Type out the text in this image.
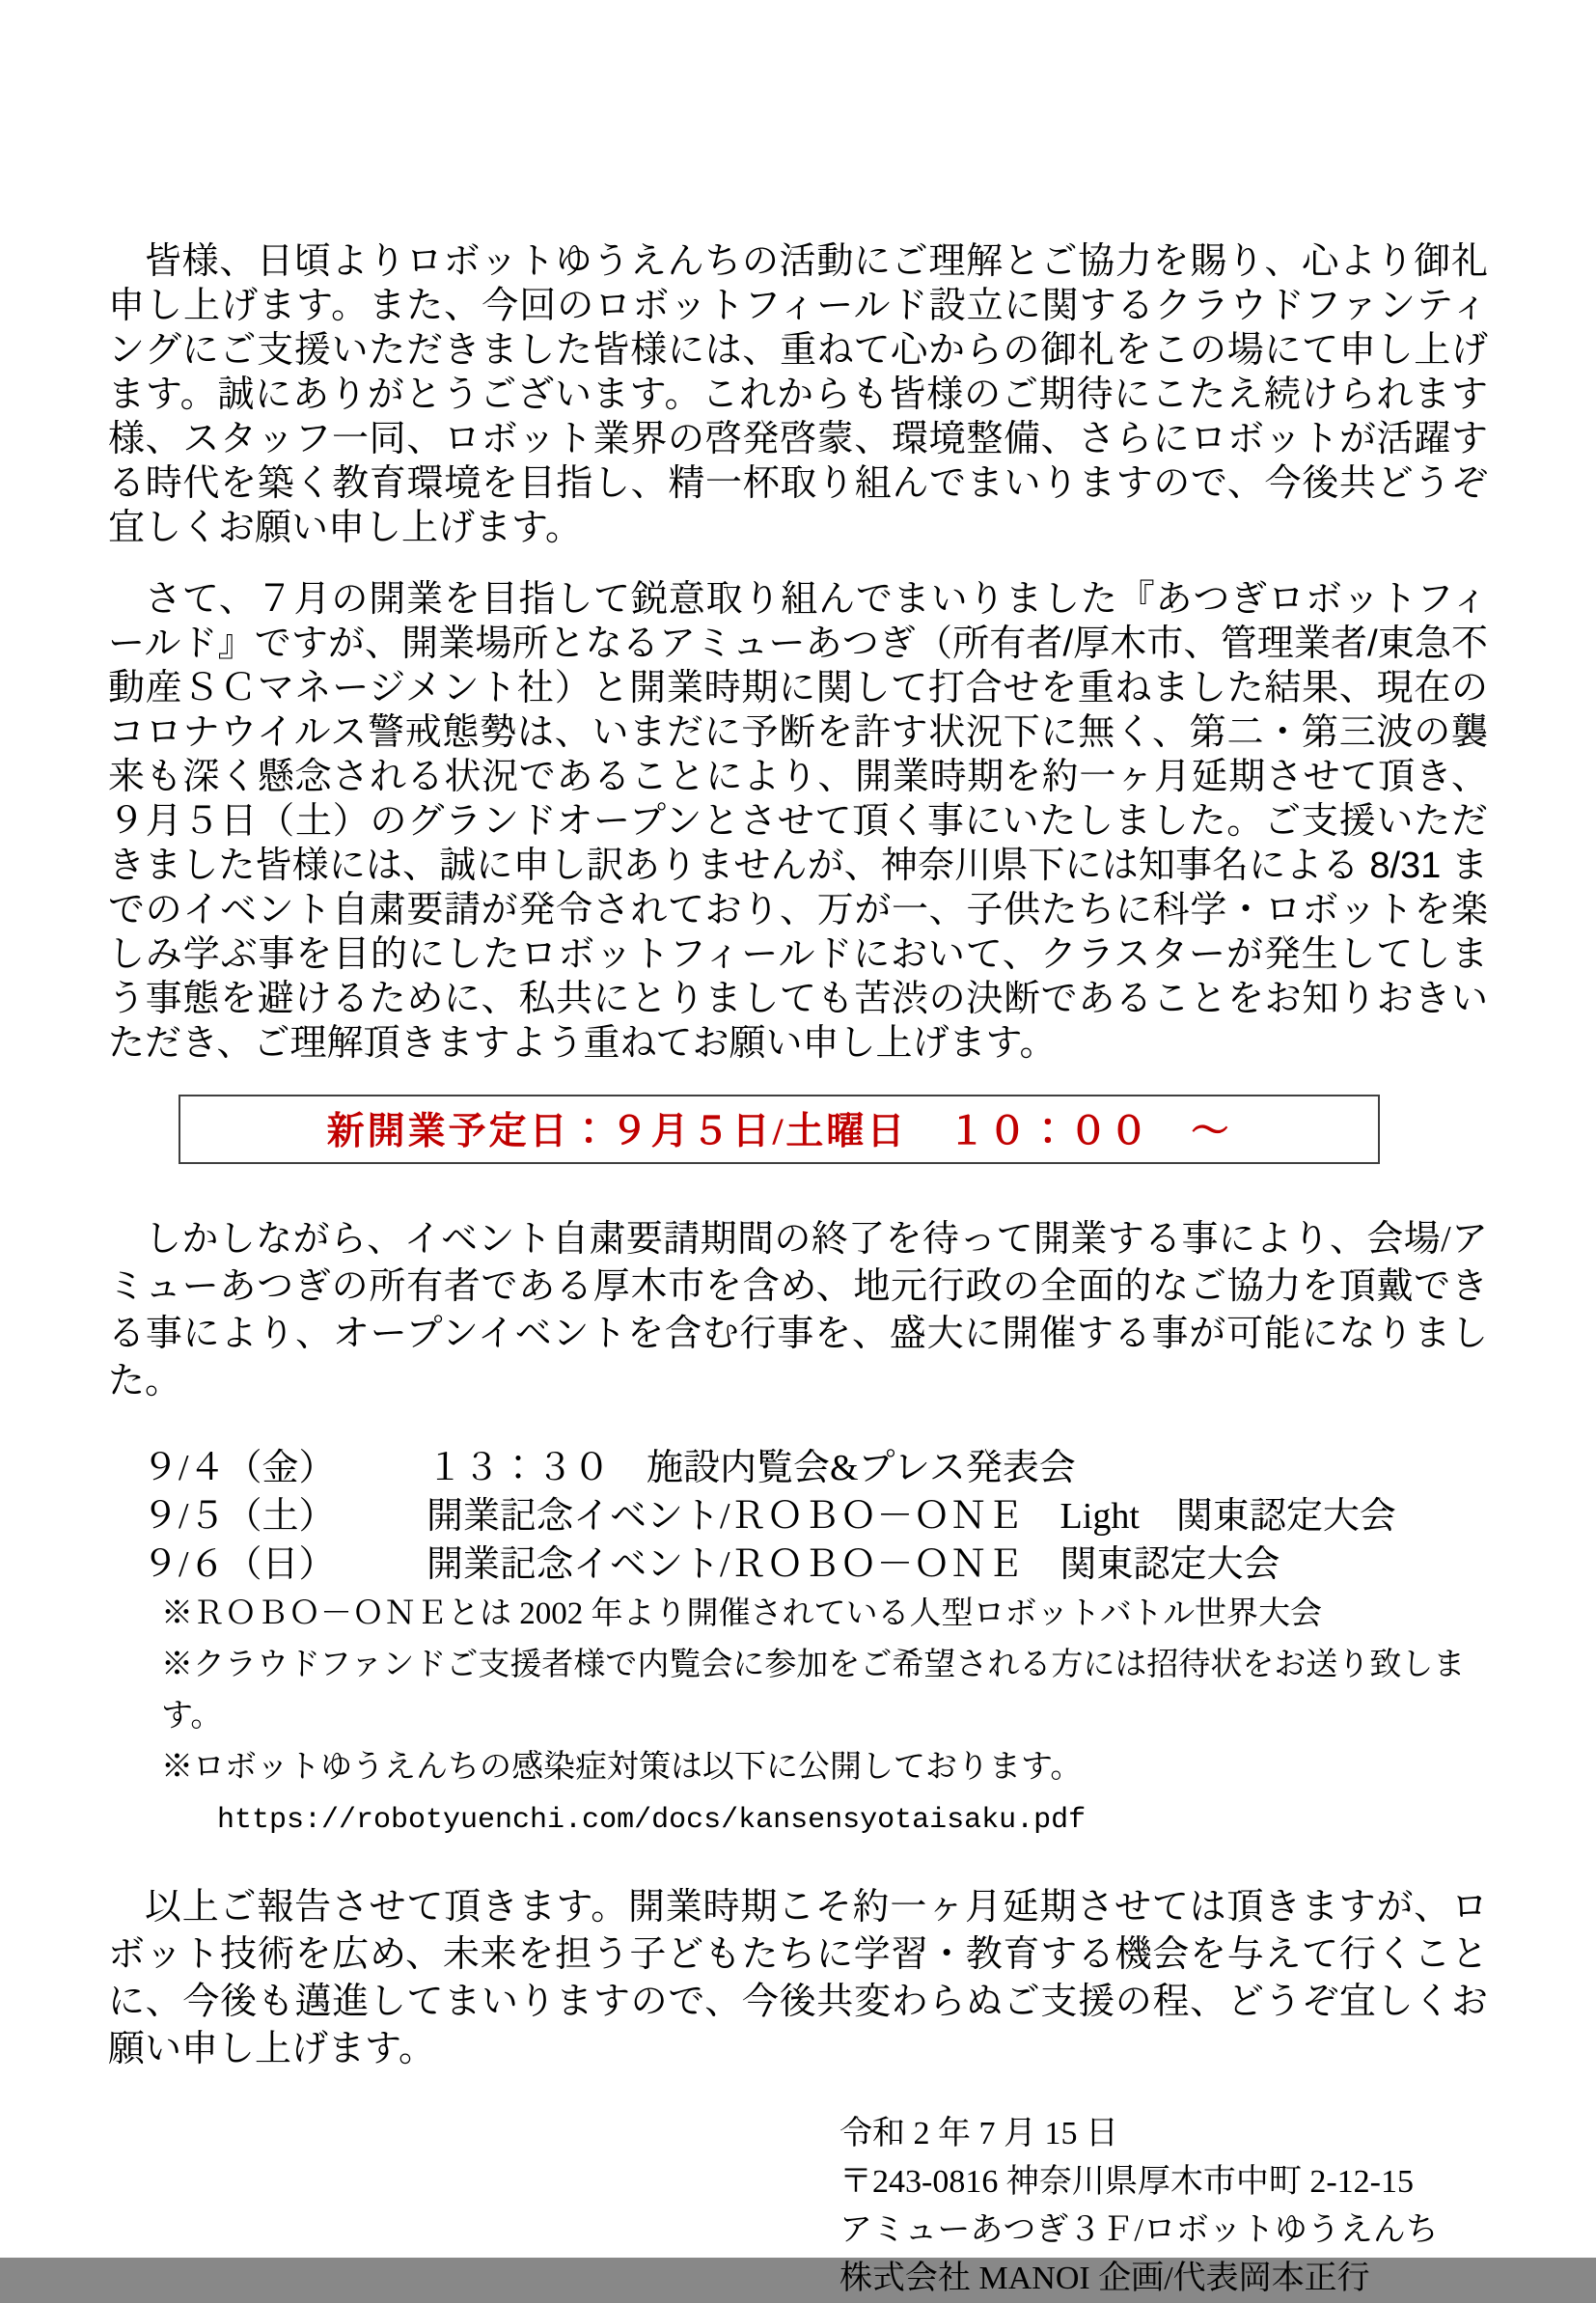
皆様、日頃よりロボットゆうえんちの活動にご理解とご協力を賜り、心より御礼申し上げます。また、今回のロボットフィールド設立に関するクラウドファンティングにご支援いただきました皆様には、重ねて心からの御礼をこの場にて申し上げます。誠にありがとうございます。これからも皆様のご期待にこたえ続けられます様、スタッフ一同、ロボット業界の啓発啓蒙、環境整備、さらにロボットが活躍する時代を築く教育環境を目指し、精一杯取り組んでまいりますので、今後共どうぞ宜しくお願い申し上げます。

さて、７月の開業を目指して鋭意取り組んでまいりました『あつぎロボットフィールド』ですが、開業場所となるアミューあつぎ（所有者/厚木市、管理業者/東急不動産ＳＣマネージメント社）と開業時期に関して打合せを重ねました結果、現在のコロナウイルス警戒態勢は、いまだに予断を許す状況下に無く、第二・第三波の襲来も深く懸念される状況であることにより、開業時期を約一ヶ月延期させて頂き、９月５日（土）のグランドオープンとさせて頂く事にいたしました。ご支援いただきました皆様には、誠に申し訳ありませんが、神奈川県下には知事名による 8/31 までのイベント自粛要請が発令されており、万が一、子供たちに科学・ロボットを楽しみ学ぶ事を目的にしたロボットフィールドにおいて、クラスターが発生してしまう事態を避けるために、私共にとりましても苦渋の決断であることをお知りおきいただき、ご理解頂きますよう重ねてお願い申し上げます。

新開業予定日：９月５日/土曜日　１０：００　〜

しかしながら、イベント自粛要請期間の終了を待って開業する事により、会場/アミューあつぎの所有者である厚木市を含め、地元行政の全面的なご協力を頂戴できる事により、オープンイベントを含む行事を、盛大に開催する事が可能になりました。

９/４（金）	１３：３０　施設内覧会&プレス発表会
９/５（土）	開業記念イベント/ＲＯＢＯ－ＯＮＥ　Light　関東認定大会
９/６（日）	開業記念イベント/ＲＯＢＯ－ＯＮＥ　関東認定大会
※ＲＯＢＯ－ＯＮＥとは 2002 年より開催されている人型ロボットバトル世界大会
※クラウドファンドご支援者様で内覧会に参加をご希望される方には招待状をお送り致します。
※ロボットゆうえんちの感染症対策は以下に公開しております。
https://robotyuenchi.com/docs/kansensyotaisaku.pdf

以上ご報告させて頂きます。開業時期こそ約一ヶ月延期させては頂きますが、ロボット技術を広め、未来を担う子どもたちに学習・教育する機会を与えて行くことに、今後も邁進してまいりますので、今後共変わらぬご支援の程、どうぞ宜しくお願い申し上げます。

令和 2 年 7 月 15 日
〒243-0816 神奈川県厚木市中町 2-12-15
アミューあつぎ３Ｆ/ロボットゆうえんち
株式会社 MANOI 企画/代表岡本正行
